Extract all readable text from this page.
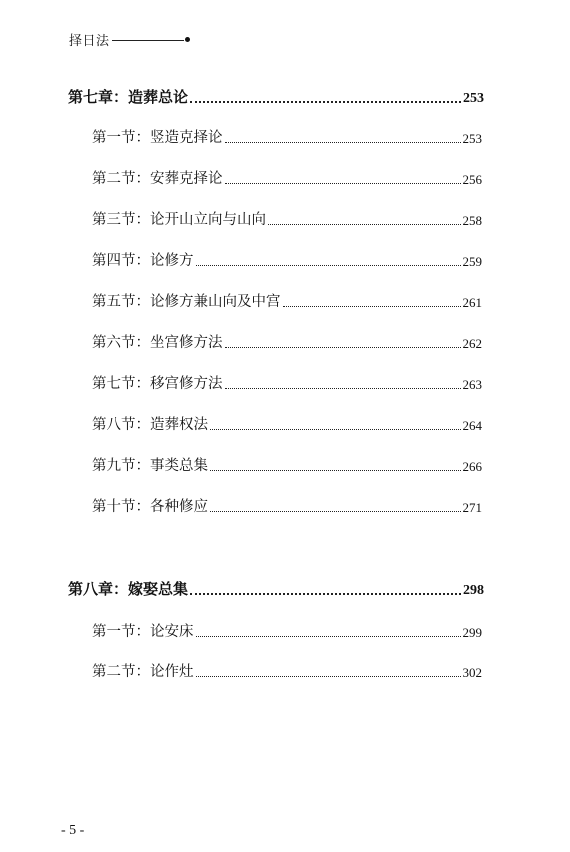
择日法
第七章：造葬总论	253
第一节：竖造克择论	253
第二节：安葬克择论	256
第三节：论开山立向与山向	258
第四节：论修方	259
第五节：论修方兼山向及中宫	261
第六节：坐宫修方法	262
第七节：移宫修方法	263
第八节：造葬权法	264
第九节：事类总集	266
第十节：各种修应	271
第八章：嫁娶总集	298
第一节：论安床	299
第二节：论作灶	302
- 5 -
